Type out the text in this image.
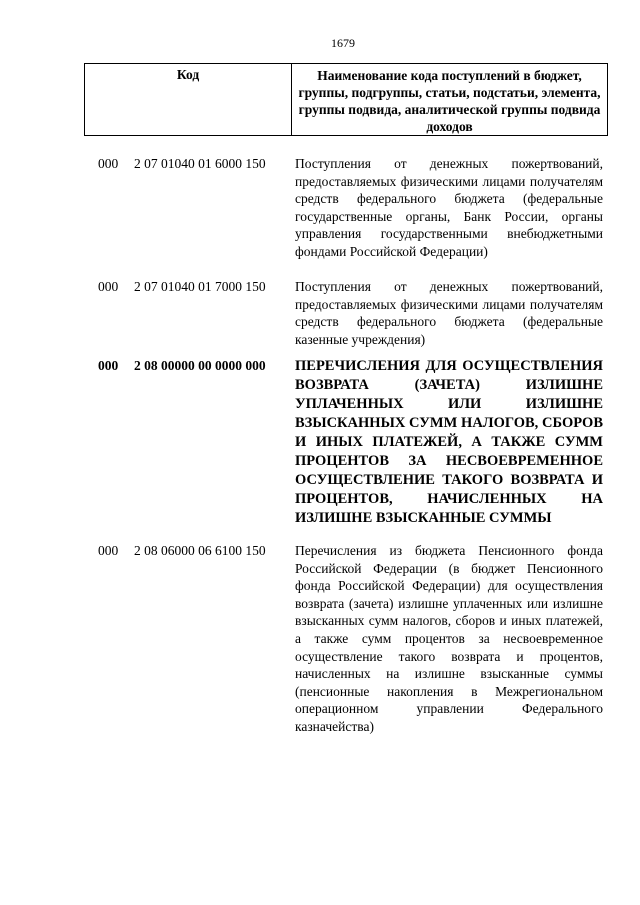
1679
Код	Наименование кода поступлений в бюджет, группы, подгруппы, статьи, подстатьи, элемента, группы подвида, аналитической группы подвида доходов
000 2 07 01040 01 6000 150 Поступления от денежных пожертвований, предоставляемых физическими лицами получателям средств федерального бюджета (федеральные государственные органы, Банк России, органы управления государственными внебюджетными фондами Российской Федерации)
000 2 07 01040 01 7000 150 Поступления от денежных пожертвований, предоставляемых физическими лицами получателям средств федерального бюджета (федеральные казенные учреждения)
000 2 08 00000 00 0000 000 ПЕРЕЧИСЛЕНИЯ ДЛЯ ОСУЩЕСТВЛЕНИЯ ВОЗВРАТА (ЗАЧЕТА) ИЗЛИШНЕ УПЛАЧЕННЫХ ИЛИ ИЗЛИШНЕ ВЗЫСКАННЫХ СУММ НАЛОГОВ, СБОРОВ И ИНЫХ ПЛАТЕЖЕЙ, А ТАКЖЕ СУММ ПРОЦЕНТОВ ЗА НЕСВОЕВРЕМЕННОЕ ОСУЩЕСТВЛЕНИЕ ТАКОГО ВОЗВРАТА И ПРОЦЕНТОВ, НАЧИСЛЕННЫХ НА ИЗЛИШНЕ ВЗЫСКАННЫЕ СУММЫ
000 2 08 06000 06 6100 150 Перечисления из бюджета Пенсионного фонда Российской Федерации (в бюджет Пенсионного фонда Российской Федерации) для осуществления возврата (зачета) излишне уплаченных или излишне взысканных сумм налогов, сборов и иных платежей, а также сумм процентов за несвоевременное осуществление такого возврата и процентов, начисленных на излишне взысканные суммы (пенсионные накопления в Межрегиональном операционном управлении Федерального казначейства)
